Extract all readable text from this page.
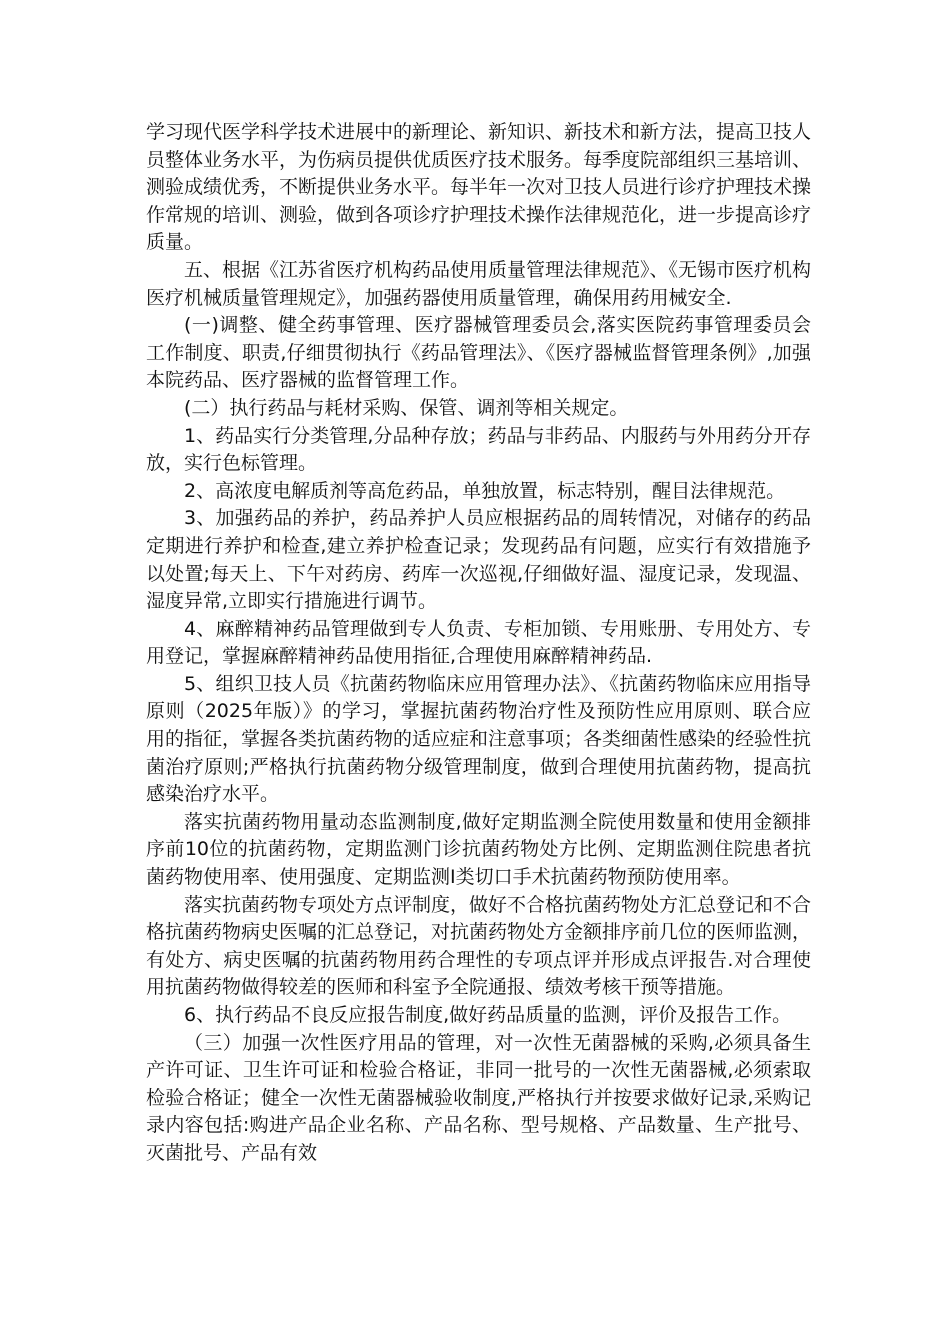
学习现代医学科学技术进展中的新理论、新知识、新技术和新方法，提高卫技人员整体业务水平，为伤病员提供优质医疗技术服务。每季度院部组织三基培训、测验成绩优秀，不断提供业务水平。每半年一次对卫技人员进行诊疗护理技术操作常规的培训、测验，做到各项诊疗护理技术操作法律规范化，进一步提高诊疗质量。

五、根据《江苏省医疗机构药品使用质量管理法律规范》、《无锡市医疗机构医疗机械质量管理规定》，加强药器使用质量管理，确保用药用械安全.

(一)调整、健全药事管理、医疗器械管理委员会,落实医院药事管理委员会工作制度、职责,仔细贯彻执行《药品管理法》、《医疗器械监督管理条例》,加强本院药品、医疗器械的监督管理工作。

(二）执行药品与耗材采购、保管、调剂等相关规定。

1、药品实行分类管理,分品种存放；药品与非药品、内服药与外用药分开存放，实行色标管理。

2、高浓度电解质剂等高危药品，单独放置，标志特别，醒目法律规范。

3、加强药品的养护，药品养护人员应根据药品的周转情况，对储存的药品定期进行养护和检查,建立养护检查记录；发现药品有问题，应实行有效措施予以处置;每天上、下午对药房、药库一次巡视,仔细做好温、湿度记录，发现温、湿度异常,立即实行措施进行调节。

4、麻醉精神药品管理做到专人负责、专柜加锁、专用账册、专用处方、专用登记，掌握麻醉精神药品使用指征,合理使用麻醉精神药品.

5、组织卫技人员《抗菌药物临床应用管理办法》、《抗菌药物临床应用指导原则（2025年版）》的学习，掌握抗菌药物治疗性及预防性应用原则、联合应用的指征，掌握各类抗菌药物的适应症和注意事项；各类细菌性感染的经验性抗菌治疗原则;严格执行抗菌药物分级管理制度，做到合理使用抗菌药物，提高抗感染治疗水平。

落实抗菌药物用量动态监测制度,做好定期监测全院使用数量和使用金额排序前10位的抗菌药物，定期监测门诊抗菌药物处方比例、定期监测住院患者抗菌药物使用率、使用强度、定期监测Ⅰ类切口手术抗菌药物预防使用率。

落实抗菌药物专项处方点评制度，做好不合格抗菌药物处方汇总登记和不合格抗菌药物病史医嘱的汇总登记，对抗菌药物处方金额排序前几位的医师监测，有处方、病史医嘱的抗菌药物用药合理性的专项点评并形成点评报告.对合理使用抗菌药物做得较差的医师和科室予全院通报、绩效考核干预等措施。

6、执行药品不良反应报告制度,做好药品质量的监测，评价及报告工作。

（三）加强一次性医疗用品的管理，对一次性无菌器械的采购,必须具备生产许可证、卫生许可证和检验合格证，非同一批号的一次性无菌器械,必须索取检验合格证；健全一次性无菌器械验收制度,严格执行并按要求做好记录,采购记录内容包括:购进产品企业名称、产品名称、型号规格、产品数量、生产批号、灭菌批号、产品有效
